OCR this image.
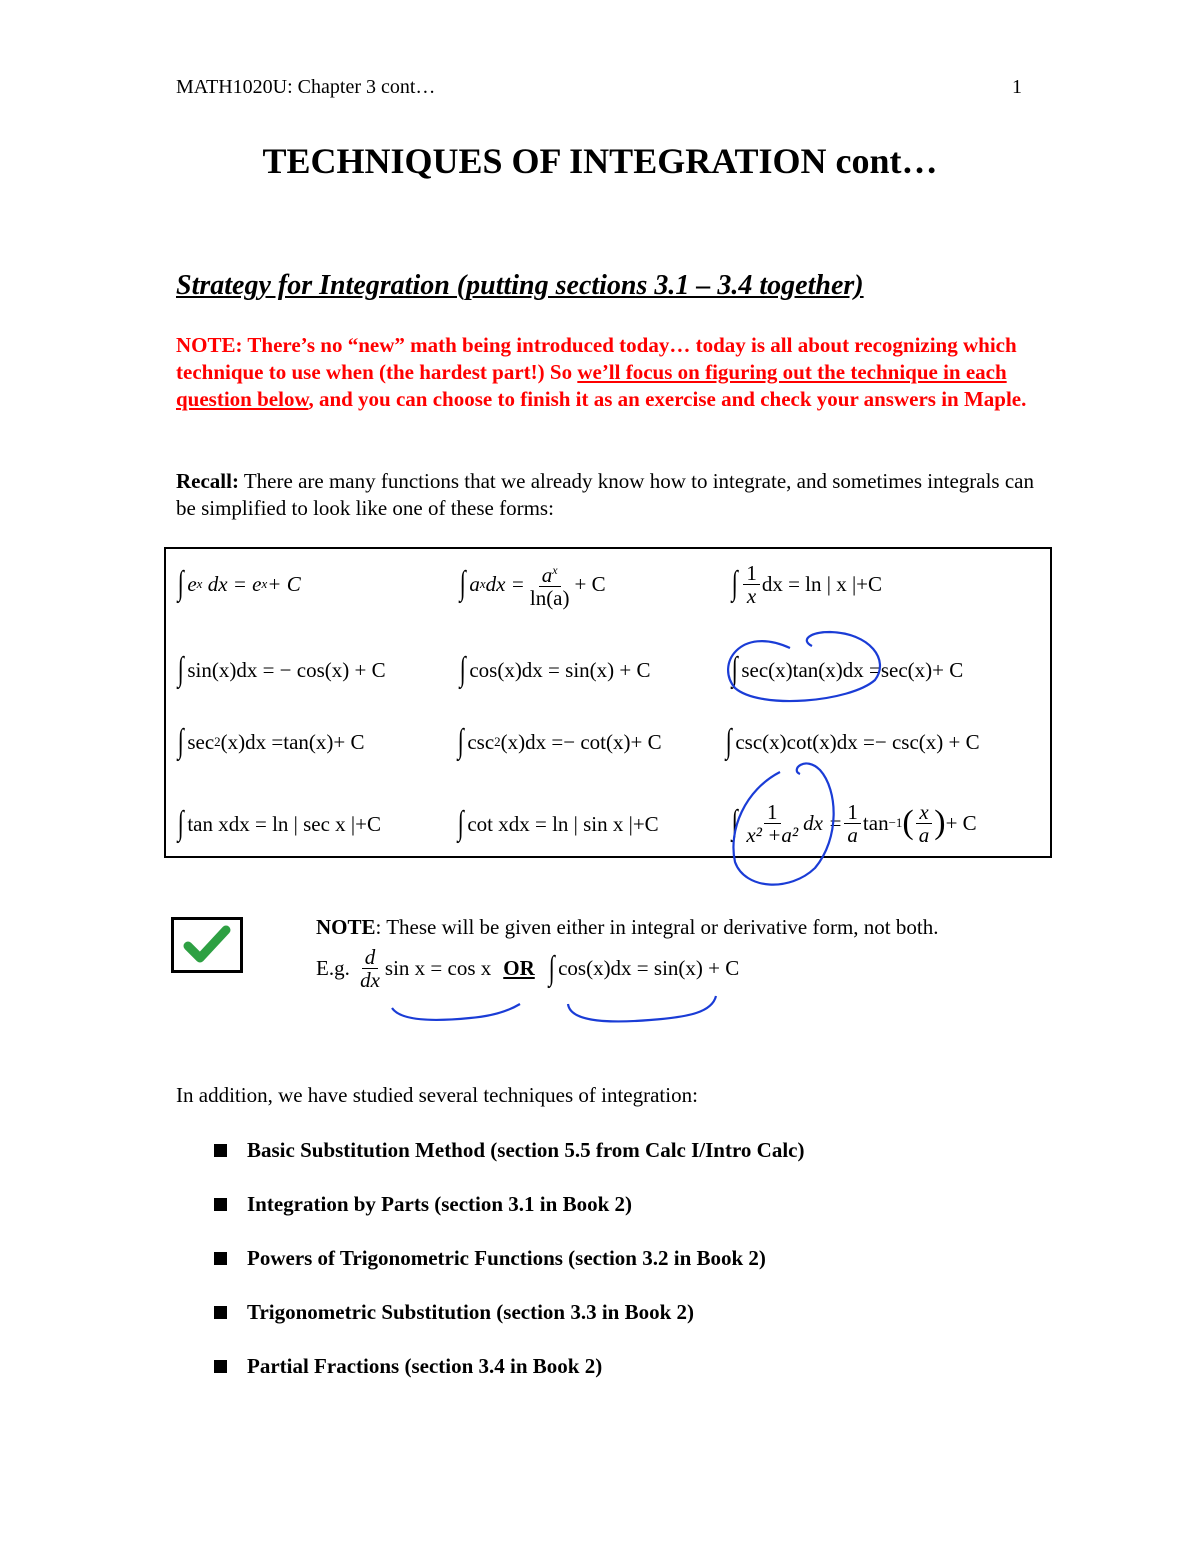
MATH1020U: Chapter 3 cont…	1
TECHNIQUES OF INTEGRATION cont…
Strategy for Integration (putting sections 3.1 – 3.4 together)
NOTE: There’s no “new” math being introduced today… today is all about recognizing which technique to use when (the hardest part!) So we’ll focus on figuring out the technique in each question below, and you can choose to finish it as an exercise and check your answers in Maple.
Recall: There are many functions that we already know how to integrate, and sometimes integrals can be simplified to look like one of these forms:
∫ e x
dx = e x + C	∫ a x dx = $\frac{a^x}{\ln(a)} + C$	∫ $\frac{1}{x}$ dx = ln | x |+C
∫ sin(x)dx = − cos(x) + C ∫ cos(x)dx = sin(x) + C ∫ sec(x)tan(x)dx =sec(x)+ C
∫ sec 2 (x)dx =tan(x)+ C	∫ csc 2 (x)dx =− cot(x)+ C ∫ csc(x)cot(x)dx =− csc(x) + C
∫ tan xdx = ln | sec x |+C ∫ cot xdx = ln | sin x |+C ∫ $\frac{1}{\text{x² +a²}}$ dx = $\frac{1}{a}$ tan −1 ( $\frac{x}{a}$ ) + C
NOTE: These will be given either in integral or derivative form, not both.
E.g.
$\frac{d}{dx}$ sin x = cos x OR ∫ cos(x)dx = sin(x) + C
In addition, we have studied several techniques of integration:
Basic Substitution Method (section 5.5 from Calc I/Intro Calc)
Integration by Parts (section 3.1 in Book 2)
Powers of Trigonometric Functions (section 3.2 in Book 2)
Trigonometric Substitution (section 3.3 in Book 2)
Partial Fractions (section 3.4 in Book 2)
